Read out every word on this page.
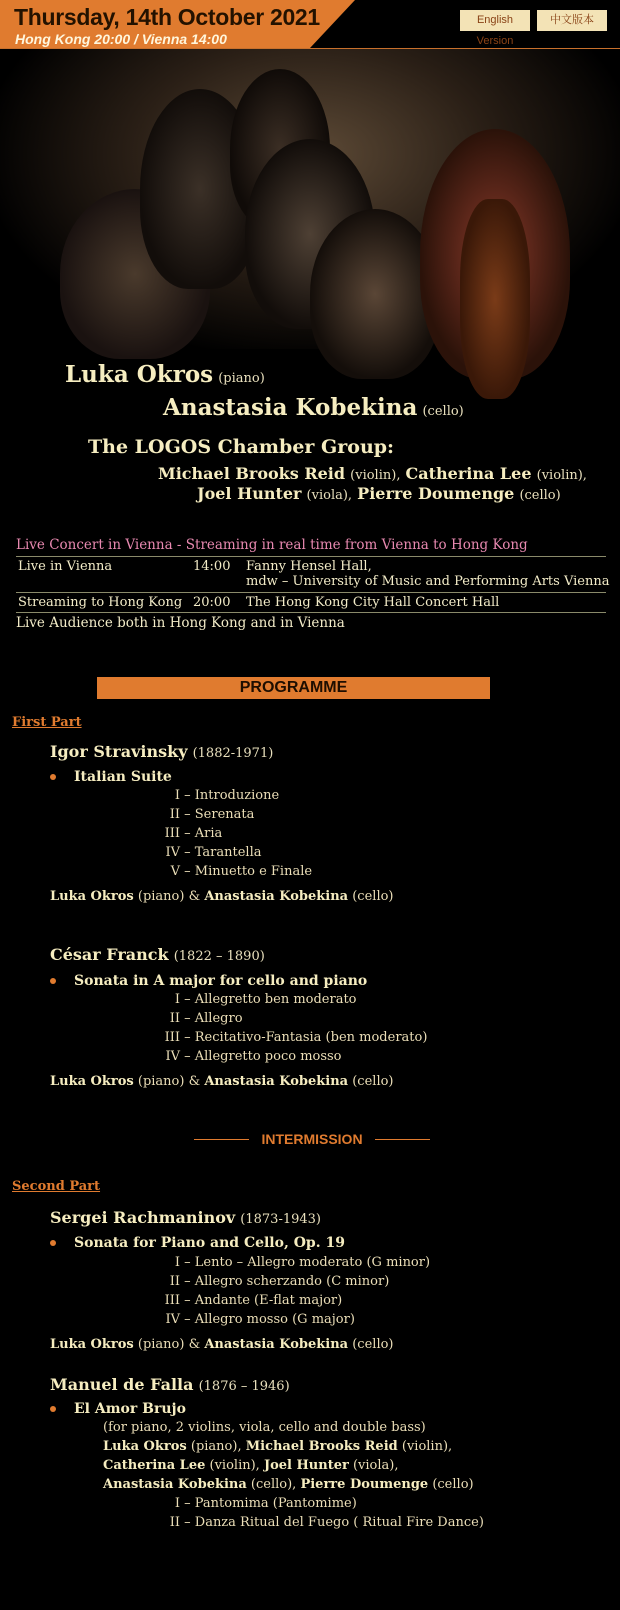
Thursday, 14th October 2021
Hong Kong 20:00 / Vienna 14:00
English Version
中文版本
Luka Okros (piano)
Anastasia Kobekina (cello)
The LOGOS Chamber Group:
Michael Brooks Reid (violin), Catherina Lee (violin),
Joel Hunter (viola), Pierre Doumenge (cello)
Live Concert in Vienna - Streaming in real time from Vienna to Hong Kong
Live in Vienna	14:00 Fanny Hensel Hall,
mdw – University of Music and Performing Arts Vienna
Streaming to Hong Kong 20:00 The Hong Kong City Hall Concert Hall
Live Audience both in Hong Kong and in Vienna
PROGRAMME
First Part
Igor Stravinsky (1882-1971)
Italian Suite
I – Introduzione
II – Serenata
III – Aria
IV – Tarantella
V – Minuetto e Finale
Luka Okros (piano) & Anastasia Kobekina (cello)
César Franck (1822 – 1890)
Sonata in A major for cello and piano
I – Allegretto ben moderato
II – Allegro
III – Recitativo-Fantasia (ben moderato)
IV – Allegretto poco mosso
Luka Okros (piano) & Anastasia Kobekina (cello)
INTERMISSION
Second Part
Sergei Rachmaninov (1873-1943)
Sonata for Piano and Cello, Op. 19
I – Lento – Allegro moderato (G minor)
II – Allegro scherzando (C minor)
III – Andante (E-flat major)
IV – Allegro mosso (G major)
Luka Okros (piano) & Anastasia Kobekina (cello)
Manuel de Falla (1876 – 1946)
El Amor Brujo
(for piano, 2 violins, viola, cello and double bass)
Luka Okros (piano), Michael Brooks Reid (violin),
Catherina Lee (violin), Joel Hunter (viola),
Anastasia Kobekina (cello), Pierre Doumenge (cello)
I – Pantomima (Pantomime)
II – Danza Ritual del Fuego ( Ritual Fire Dance)
